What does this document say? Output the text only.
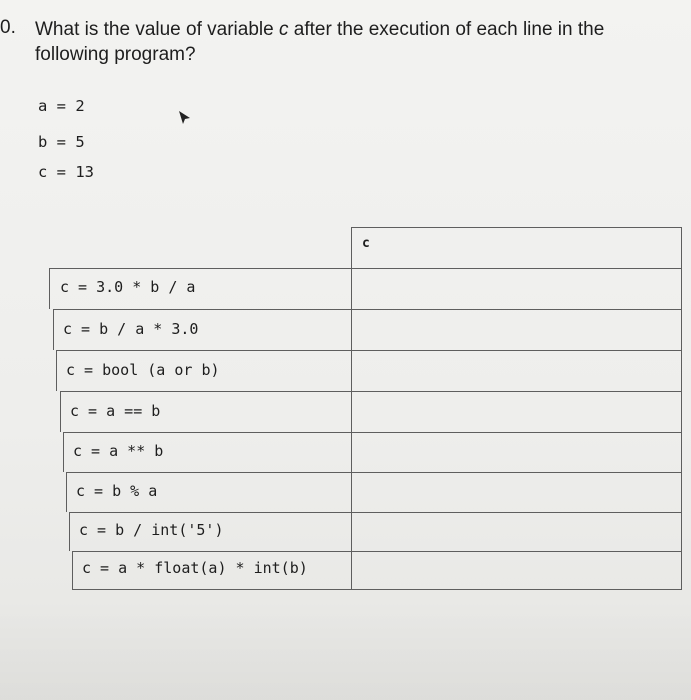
0. What is the value of variable c after the execution of each line in the following program?
a = 2
b = 5
c = 13
c
c = 3.0 * b / a
c = b / a * 3.0
c = bool (a or b)
c = a == b
c = a ** b
c = b % a
c = b / int('5')
c = a * float(a) * int(b)
